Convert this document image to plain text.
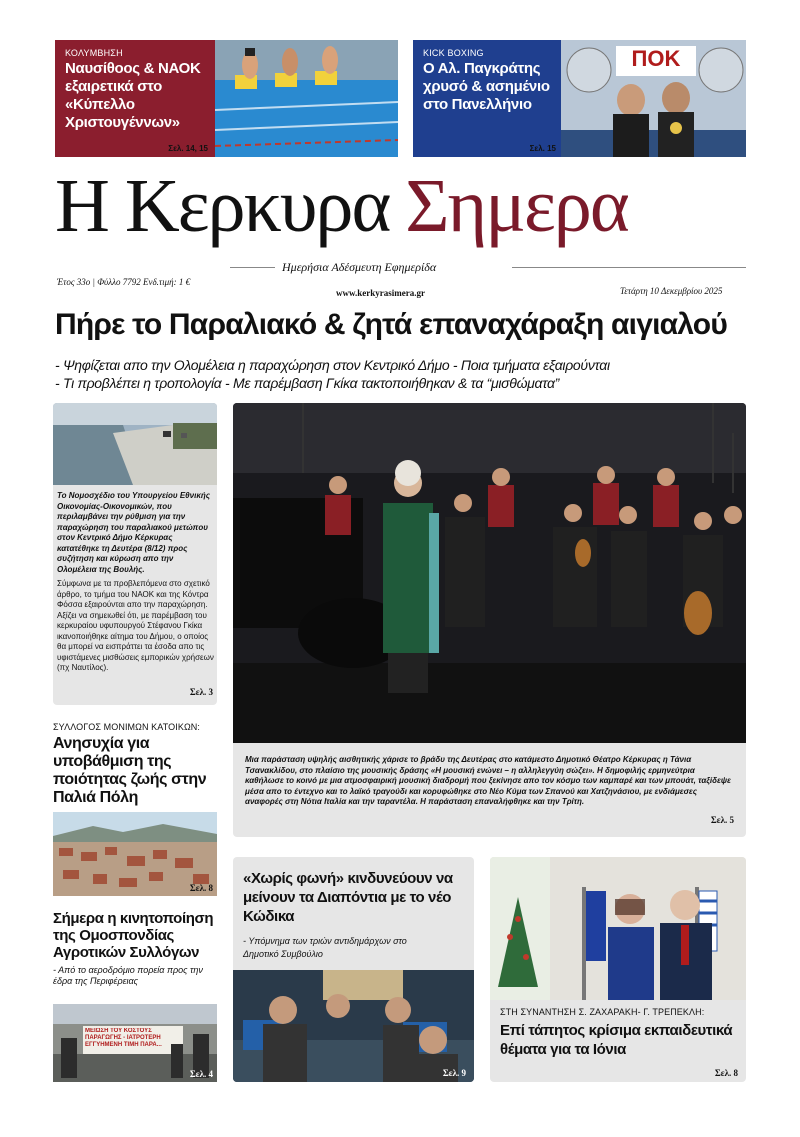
ΚΟΛΥΜΒΗΣΗ
Ναυσίθοος & ΝΑΟΚ εξαιρετικά στο «Κύπελλο Χριστουγέννων»
Σελ. 14, 15
ΠΟΚ
KICK BOXING
Ο Αλ. Παγκράτης χρυσό & ασημένιο στο Πανελλήνιο
Σελ. 15
Η Κερκυρα Σημερα
Ημερήσια Αδέσμευτη Εφημερίδα
Έτος 33ο | Φύλλο 7792 Ενδ.τιμή: 1 €
www.kerkyrasimera.gr	Τετάρτη 10 Δεκεμβρίου 2025
Πήρε το Παραλιακό & ζητά επαναχάραξη αιγιαλού
- Ψηφίζεται απο την Ολομέλεια η παραχώρηση στον Κεντρικό Δήμο - Ποια τμήματα εξαιρούνται
- Τι προβλέπει η τροπολογία - Με παρέμβαση Γκίκα τακτοποιήθηκαν & τα “μισθώματα”
Το Νομοσχέδιο του Υπουργείου Εθνικής Οικονομίας-Οικονομικών, που περιλαμβάνει την ρύθμιση για την παραχώρηση του παραλιακού μετώπου στον Κεντρικό Δήμο Κέρκυρας κατατέθηκε τη Δευτέρα (8/12) προς συζήτηση και κύρωση απο την Ολομέλεια της Βουλής.
Σύμφωνα με τα προβλεπόμενα στο σχετικό άρθρο, το τμήμα του ΝΑΟΚ και της Κόντρα Φόσσα εξαιρούνται απο την παραχώρηση. Αξίζει να σημειωθεί ότι, με παρέμβαση του κερκυραίου υφυπουργού Στέφανου Γκίκα ικανοποιήθηκε αίτημα του Δήμου, ο οποίος θα μπορεί να εισπράττει τα έσοδα απο τις υφιστάμενες μισθώσεις εμπορικών χρήσεων (πχ Ναυτίλος).
Σελ. 3
Μια παράσταση υψηλής αισθητικής χάρισε το βράδυ της Δευτέρας στο κατάμεστο Δημοτικό Θέατρο Κέρκυρας η Τάνια Τσανακλίδου, στο πλαίσιο της μουσικής δράσης «Η μουσική ενώνει – η αλληλεγγύη σώζει». Η δημοφιλής ερμηνεύτρια καθήλωσε το κοινό με μια ατμοσφαιρική μουσική διαδρομή που ξεκίνησε απο τον κόσμο των καμπαρέ και των μπουάτ, ταξίδεψε μέσα απο το έντεχνο και το λαϊκό τραγούδι και κορυφώθηκε στο Νέο Κύμα των Σπανού και Χατζηνάσιου, με ενδιάμεσες αναφορές στη Νότια Ιταλία και την ταραντέλα. Η παράσταση επαναλήφθηκε και την Τρίτη.
Σελ. 5
ΣΥΛΛΟΓΟΣ ΜΟΝΙΜΩΝ ΚΑΤΟΙΚΩΝ:
Ανησυχία για υποβάθμιση της ποιότητας ζωής στην Παλιά Πόλη
Σελ. 8
Σήμερα η κινητοποίηση της Ομοσπονδίας Αγροτικών Συλλόγων
- Από το αεροδρόμιο πορεία προς την έδρα της Περιφέρειας
ΜΕΙΩΣΗ ΤΟΥ ΚΟΣΤΟΥΣ ΠΑΡΑΓΩΓΗΣ - ΙΑΤΡΟΤΕΡΗ ΕΓΓΥΗΜΕΝΗ ΤΙΜΗ ΠΑΡΑ...
Σελ. 4
«Χωρίς φωνή» κινδυνεύουν να μείνουν τα Διαπόντια με το νέο Κώδικα
- Υπόμνημα των τριών αντιδημάρχων στο Δημοτικό Συμβούλιο
Σελ. 9
ΣΤΗ ΣΥΝΑΝΤΗΣΗ Σ. ΖΑΧΑΡΑΚΗ- Γ. ΤΡΕΠΕΚΛΗ:
Επί τάπητος κρίσιμα εκπαιδευτικά θέματα για τα Ιόνια
Σελ. 8
